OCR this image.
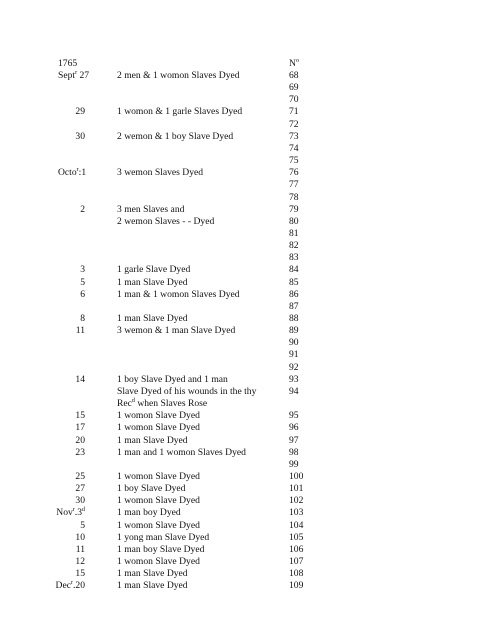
1765	$N^o$
Sept$^r$ 27	2 men & 1 womon Slaves Dyed	68
69
70
29	1 womon & 1 garle Slaves Dyed	71
72
30	2 wemon & 1 boy Slave Dyed	73
74
75
Octo$^r$:1	3 wemon Slaves Dyed	76
77
78
2	3 men Slaves and	79
2 wemon Slaves - - Dyed	80
81
82
83
3	1 garle Slave Dyed	84
5	1 man Slave Dyed	85
6	1 man & 1 womon Slaves Dyed	86
87
8	1 man Slave Dyed	88
11	3 wemon & 1 man Slave Dyed	89
90
91
92
14	1 boy Slave Dyed and 1 man	93
Slave Dyed of his wounds in the thy	94
Rec$^d$ when Slaves Rose
15	1 womon Slave Dyed	95
17	1 womon Slave Dyed	96
20	1 man Slave Dyed	97
23	1 man and 1 womon Slaves Dyed	98
99
25	1 womon Slave Dyed	100
27	1 boy Slave Dyed	101
30	1 womon Slave Dyed	102
Nov$^r$.3$^d$	1 man boy Dyed	103
5	1 womon Slave Dyed	104
10	1 yong man Slave Dyed	105
11	1 man boy Slave Dyed	106
12	1 womon Slave Dyed	107
15	1 man Slave Dyed	108
Dec$^r$.20	1 man Slave Dyed	109
